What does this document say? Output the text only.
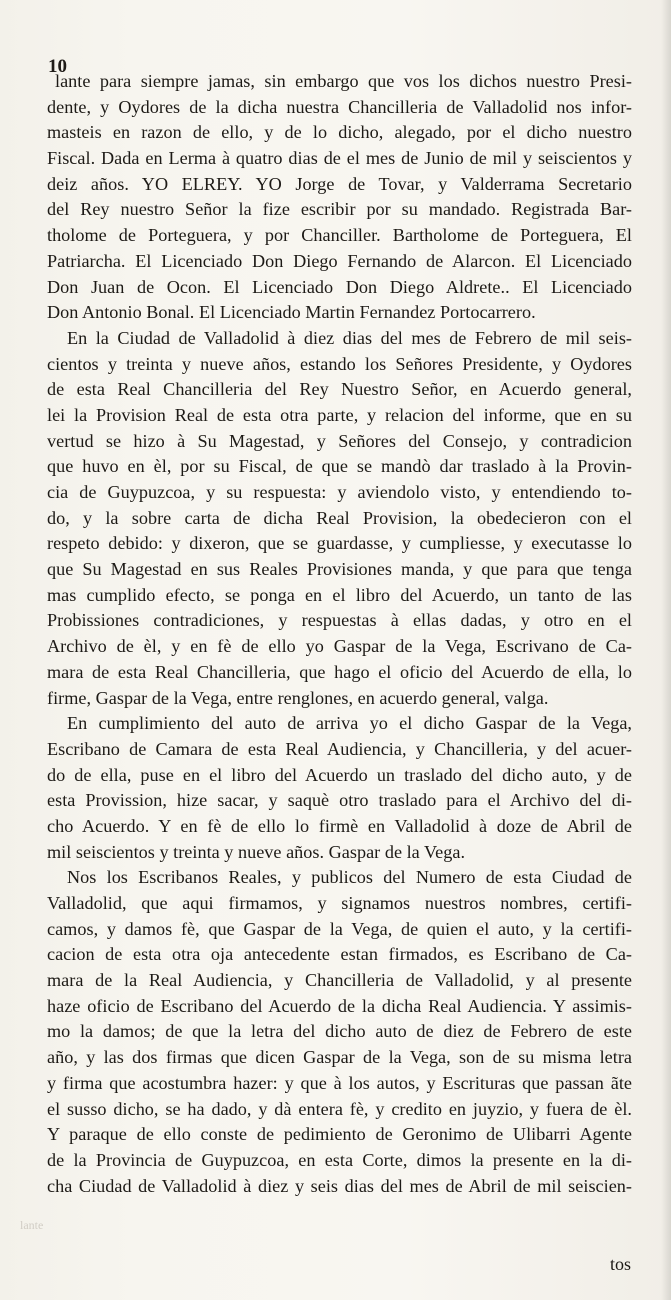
10
lante para siempre jamas, sin embargo que vos los dichos nuestro Presi-
dente, y Oydores de la dicha nuestra Chancilleria de Valladolid nos infor-
masteis en razon de ello, y de lo dicho, alegado, por el dicho nuestro
Fiscal. Dada en Lerma à quatro dias de el mes de Junio de mil y seiscientos y
deiz años. YO ELREY. YO Jorge de Tovar, y Valderrama Secretario
del Rey nuestro Señor la fize escribir por su mandado. Registrada Bar-
tholome de Porteguera, y por Chanciller. Bartholome de Porteguera, El
Patriarcha. El Licenciado Don Diego Fernando de Alarcon. El Licenciado
Don Juan de Ocon. El Licenciado Don Diego Aldrete.. El Licenciado
Don Antonio Bonal. El Licenciado Martin Fernandez Portocarrero.
En la Ciudad de Valladolid à diez dias del mes de Febrero de mil seis-
cientos y treinta y nueve años, estando los Señores Presidente, y Oydores
de esta Real Chancilleria del Rey Nuestro Señor, en Acuerdo general,
lei la Provision Real de esta otra parte, y relacion del informe, que en su
vertud se hizo à Su Magestad, y Señores del Consejo, y contradicion
que huvo en èl, por su Fiscal, de que se mandò dar traslado à la Provin-
cia de Guypuzcoa, y su respuesta: y aviendolo visto, y entendiendo to-
do, y la sobre carta de dicha Real Provision, la obedecieron con el
respeto debido: y dixeron, que se guardasse, y cumpliesse, y executasse lo
que Su Magestad en sus Reales Provisiones manda, y que para que tenga
mas cumplido efecto, se ponga en el libro del Acuerdo, un tanto de las
Probissiones contradiciones, y respuestas à ellas dadas, y otro en el
Archivo de èl, y en fè de ello yo Gaspar de la Vega, Escrivano de Ca-
mara de esta Real Chancilleria, que hago el oficio del Acuerdo de ella, lo
firme, Gaspar de la Vega, entre renglones, en acuerdo general, valga.
En cumplimiento del auto de arriva yo el dicho Gaspar de la Vega,
Escribano de Camara de esta Real Audiencia, y Chancilleria, y del acuer-
do de ella, puse en el libro del Acuerdo un traslado del dicho auto, y de
esta Provission, hize sacar, y saquè otro traslado para el Archivo del di-
cho Acuerdo. Y en fè de ello lo firmè en Valladolid à doze de Abril de
mil seiscientos y treinta y nueve años. Gaspar de la Vega.
Nos los Escribanos Reales, y publicos del Numero de esta Ciudad de
Valladolid, que aqui firmamos, y signamos nuestros nombres, certifi-
camos, y damos fè, que Gaspar de la Vega, de quien el auto, y la certifi-
cacion de esta otra oja antecedente estan firmados, es Escribano de Ca-
mara de la Real Audiencia, y Chancilleria de Valladolid, y al presente
haze oficio de Escribano del Acuerdo de la dicha Real Audiencia. Y assimis-
mo la damos; de que la letra del dicho auto de diez de Febrero de este
año, y las dos firmas que dicen Gaspar de la Vega, son de su misma letra
y firma que acostumbra hazer: y que à los autos, y Escrituras que passan ãte
el susso dicho, se ha dado, y dà entera fè, y credito en juyzio, y fuera de èl.
Y paraque de ello conste de pedimiento de Geronimo de Ulibarri Agente
de la Provincia de Guypuzcoa, en esta Corte, dimos la presente en la di-
cha Ciudad de Valladolid à diez y seis dias del mes de Abril de mil seiscien-
lante
tos
